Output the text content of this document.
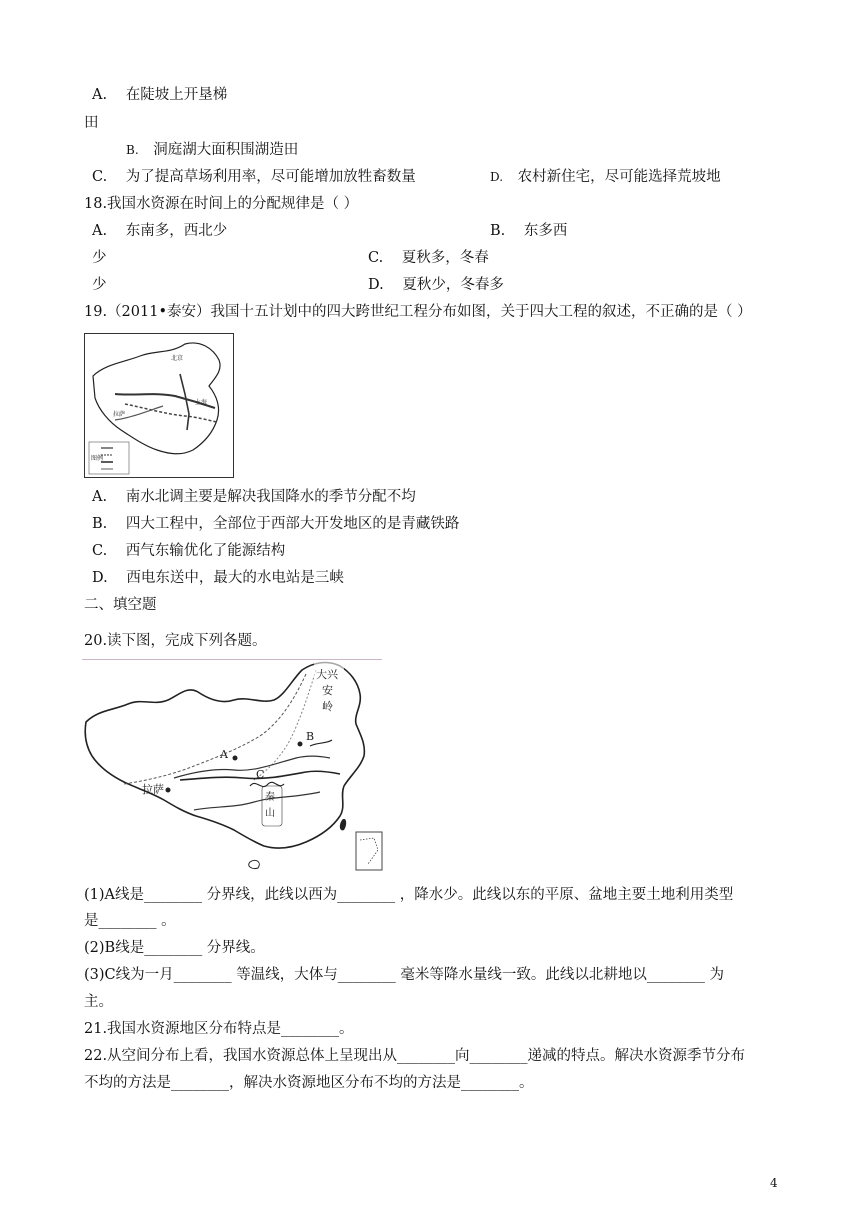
A. 在陡坡上开垦梯
田
B. 洞庭湖大面积围湖造田
C. 为了提高草场利用率，尽可能增加放牲畜数量	D. 农村新住宅，尽可能选择荒坡地
18.我国水资源在时间上的分配规律是（ ）
A. 东南多，西北少	B. 东多西
少	C. 夏秋多，冬春
少	D. 夏秋少，冬春多
19.（2011•泰安）我国十五计划中的四大跨世纪工程分布如图，关于四大工程的叙述，不正确的是（ ）
北京
上海
拉萨
图例
A. 南水北调主要是解决我国降水的季节分配不均
B. 四大工程中，全部位于西部大开发地区的是青藏铁路
C. 西气东输优化了能源结构
D. 西电东送中，最大的水电站是三峡
二、填空题
20.读下图，完成下列各题。
大兴
安
岭
A
B
C
拉萨
秦
山
(1)A线是________ 分界线，此线以西为________ ，降水少。此线以东的平原、盆地主要土地利用类型
是________ 。
(2)B线是________ 分界线。
(3)C线为一月________ 等温线，大体与________ 毫米等降水量线一致。此线以北耕地以________ 为
主。
21.我国水资源地区分布特点是________。
22.从空间分布上看，我国水资源总体上呈现出从________向________递减的特点。解决水资源季节分布
不均的方法是________，解决水资源地区分布不均的方法是________。
4
